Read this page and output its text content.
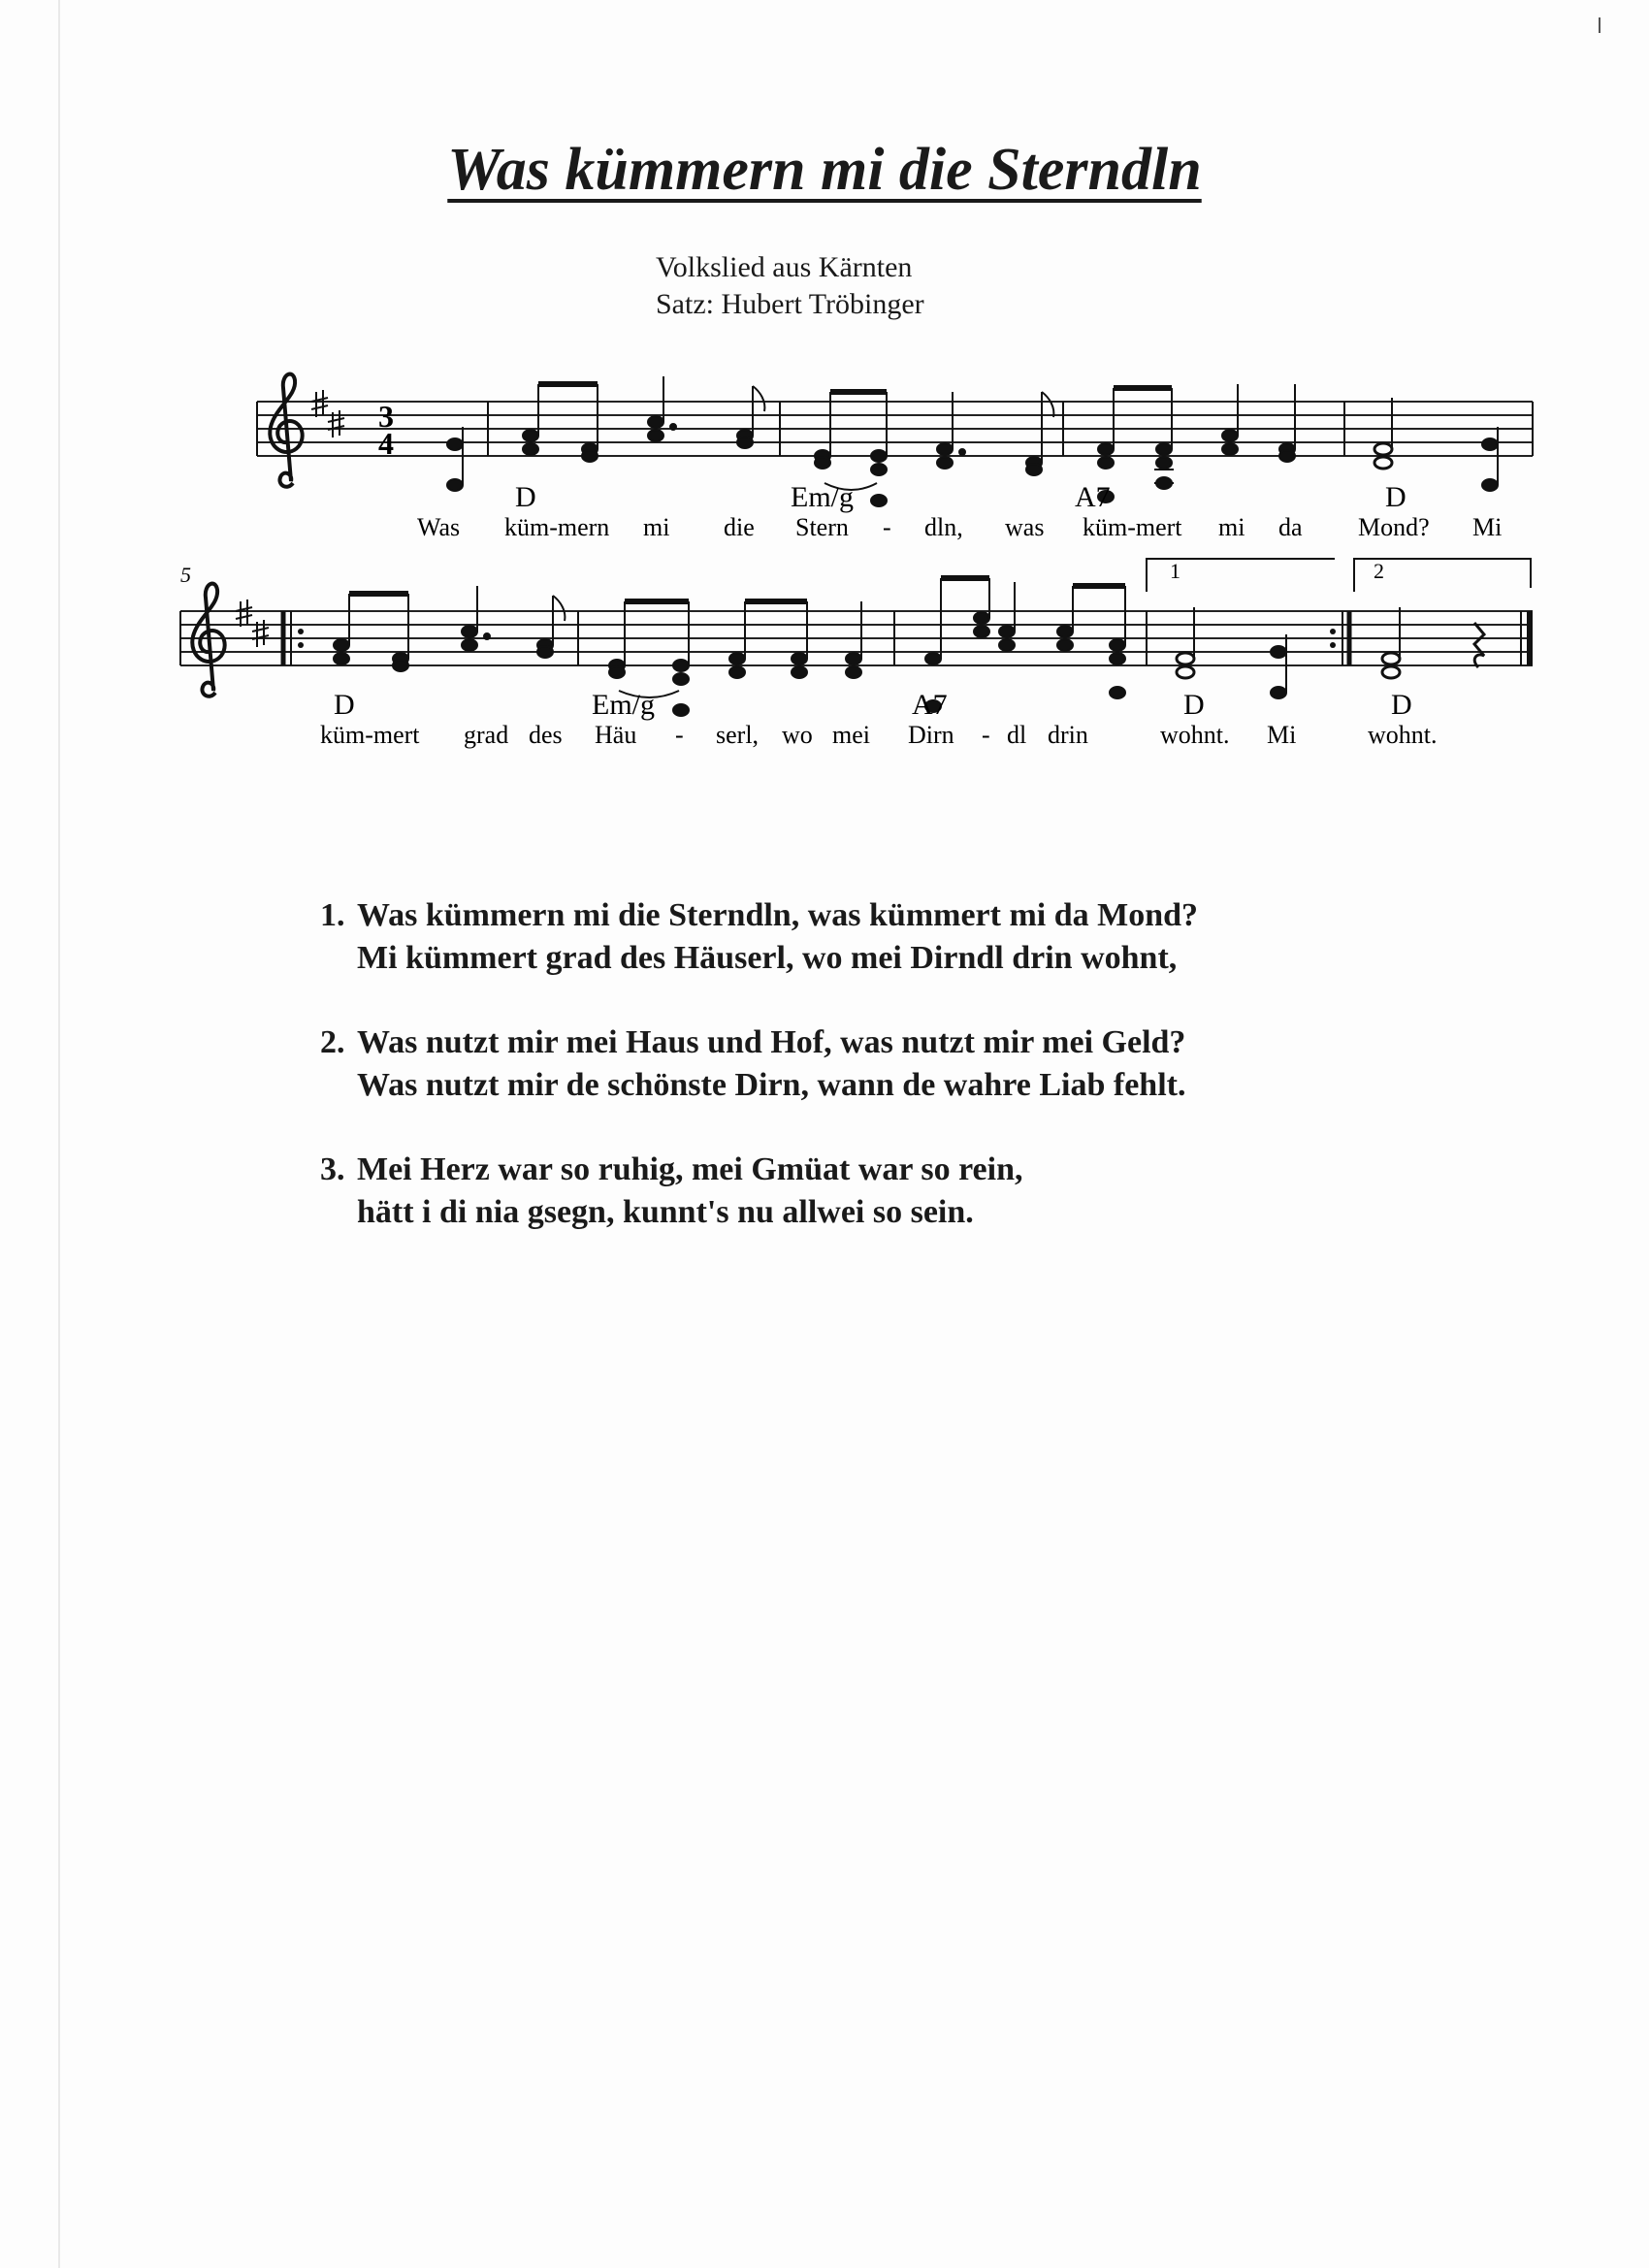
Was kümmern mi die Sterndln
Volkslied aus Kärnten
Satz: Hubert Tröbinger
3
4
D	Em/g	A7	D
Was küm-mern mi die Stern - dln, was küm-mert mi da Mond? Mi
5	1	2
D	Em/g	A7	D	D
küm-mert grad des Häu - serl, wo mei Dirn - dl drin	wohnt. Mi	wohnt.
1. Was kümmern mi die Sterndln, was kümmert mi da Mond?
Mi kümmert grad des Häuserl, wo mei Dirndl drin wohnt,
2. Was nutzt mir mei Haus und Hof, was nutzt mir mei Geld?
Was nutzt mir de schönste Dirn, wann de wahre Liab fehlt.
3. Mei Herz war so ruhig, mei Gmüat war so rein,
hätt i di nia gsegn, kunnt's nu allwei so sein.
